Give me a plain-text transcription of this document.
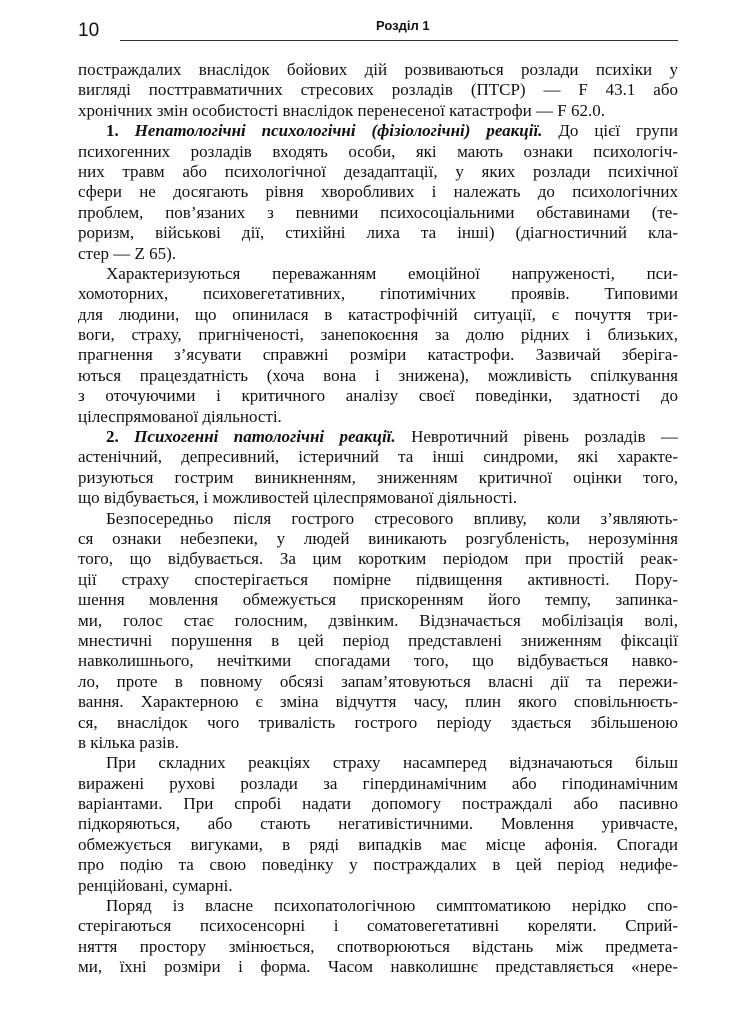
10	Розділ 1
постраждалих внаслідок бойових дій розвиваються розлади психіки у
вигляді посттравматичних стресових розладів (ПТСР) — F 43.1 або
хронічних змін особистості внаслідок перенесеної катастрофи — F 62.0.
1. Непатологічні психологічні (фізіологічні) реакції. До цієї групи
психогенних розладів входять особи, які мають ознаки психологіч-
них травм або психологічної дезадаптації, у яких розлади психічної
сфери не досягають рівня хворобливих і належать до психологічних
проблем, пов’язаних з певними психосоціальними обставинами (те-
роризм, військові дії, стихійні лиха та інші) (діагностичний кла-
стер — Z 65).
Характеризуються переважанням емоційної напруженості, пси-
хомоторних, психовегетативних, гіпотимічних проявів. Типовими
для людини, що опинилася в катастрофічній ситуації, є почуття три-
воги, страху, пригніченості, занепокоєння за долю рідних і близьких,
прагнення з’ясувати справжні розміри катастрофи. Зазвичай зберіга-
ються працездатність (хоча вона і знижена), можливість спілкування
з оточуючими і критичного аналізу своєї поведінки, здатності до
цілеспрямованої діяльності.
2. Психогенні патологічні реакції. Невротичний рівень розладів —
астенічний, депресивний, істеричний та інші синдроми, які характе-
ризуються гострим виникненням, зниженням критичної оцінки того,
що відбувається, і можливостей цілеспрямованої діяльності.
Безпосередньо після гострого стресового впливу, коли з’являють-
ся ознаки небезпеки, у людей виникають розгубленість, нерозуміння
того, що відбувається. За цим коротким періодом при простій реак-
ції страху спостерігається помірне підвищення активності. Пору-
шення мовлення обмежується прискоренням його темпу, запинка-
ми, голос стає голосним, дзвінким. Відзначається мобілізація волі,
мнестичні порушення в цей період представлені зниженням фіксації
навколишнього, нечіткими спогадами того, що відбувається навко-
ло, проте в повному обсязі запам’ятовуються власні дії та пережи-
вання. Характерною є зміна відчуття часу, плин якого сповільнюєть-
ся, внаслідок чого тривалість гострого періоду здається збільшеною
в кілька разів.
При складних реакціях страху насамперед відзначаються більш
виражені рухові розлади за гіпердинамічним або гіподинамічним
варіантами. При спробі надати допомогу постраждалі або пасивно
підкоряються, або стають негативістичними. Мовлення уривчасте,
обмежується вигуками, в ряді випадків має місце афонія. Спогади
про подію та свою поведінку у постраждалих в цей період недифе-
ренційовані, сумарні.
Поряд із власне психопатологічною симптоматикою нерідко спо-
стерігаються психосенсорні і соматовегетативні кореляти. Сприй-
няття простору змінюється, спотворюються відстань між предмета-
ми, їхні розміри і форма. Часом навколишнє представляється «нере-
